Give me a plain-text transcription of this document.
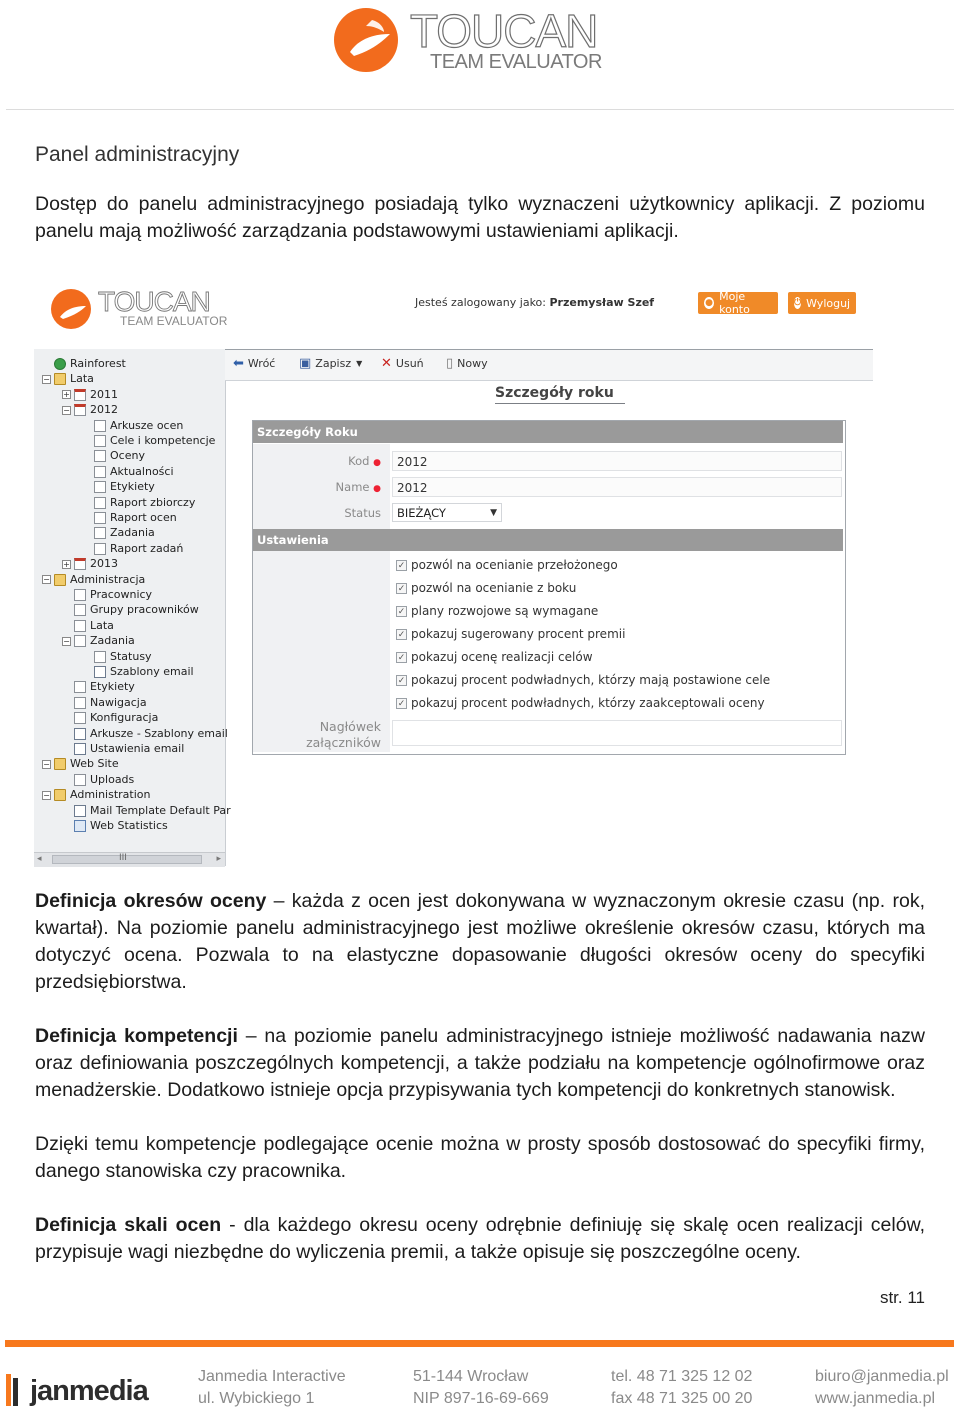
TOUCAN
TEAM EVALUATOR
Panel administracyjny
Dostęp do panelu administracyjnego posiadają tylko wyznaczeni użytkownicy aplikacji. Z poziomu panelu mają możliwość zarządzania podstawowymi ustawieniami aplikacji.
TOUCAN
TEAM EVALUATOR
Jesteś zalogowany jako: Przemysław Szef	● Moje konto	⏻ Wyloguj
Rainforest
− Lata
+ 2011
− 2012
Arkusze ocen
Cele i kompetencje
Oceny
Aktualności
Etykiety
Raport zbiorczy
Raport ocen
Zadania
Raport zadań
+ 2013
− Administracja
Pracownicy
Grupy pracowników
Lata
− Zadania
Statusy
Szablony email
Etykiety
Nawigacja
Konfiguracja
Arkusze - Szablony email
Ustawienia email
− Web Site
Uploads
− Administration
Mail Template Default Par
Web Statistics
◂	III	▸
⬅ Wróć ▣ Zapisz ▼ ✕ Usuń ▯ Nowy
Szczegóły roku
Szczegóły Roku
Kod ●	2012
Name ●	2012
Status	BIEŻĄCY	▼
Ustawienia
✓ pozwól na ocenianie przełożonego
✓ pozwól na ocenianie z boku
✓ plany rozwojowe są wymagane
✓ pokazuj sugerowany procent premii
✓ pokazuj ocenę realizacji celów
✓ pokazuj procent podwładnych, którzy mają postawione cele
✓ pokazuj procent podwładnych, którzy zaakceptowali oceny
Nagłówek załączników
Definicja okresów oceny – każda z ocen jest dokonywana w wyznaczonym okresie czasu (np. rok, kwartał). Na poziomie panelu administracyjnego jest możliwe określenie okresów czasu, których ma dotyczyć ocena. Pozwala to na elastyczne dopasowanie długości okresów oceny do specyfiki przedsiębiorstwa.
Definicja kompetencji – na poziomie panelu administracyjnego istnieje możliwość nadawania nazw oraz definiowania poszczególnych kompetencji, a także podziału na kompetencje ogólnofirmowe oraz menadżerskie. Dodatkowo istnieje opcja przypisywania tych kompetencji do konkretnych stanowisk.
Dzięki temu kompetencje podlegające ocenie można w prosty sposób dostosować do specyfiki firmy, danego stanowiska czy pracownika.
Definicja skali ocen - dla każdego okresu oceny odrębnie definiuję się skalę ocen realizacji celów, przypisuje wagi niezbędne do wyliczenia premii, a także opisuje się poszczególne oceny.
str. 11
janmedia	Janmedia Interactive
ul. Wybickiego 1
51-144 Wrocław
NIP 897-16-69-669
tel. 48 71 325 12 02
fax 48 71 325 00 20
biuro@janmedia.pl
www.janmedia.pl
